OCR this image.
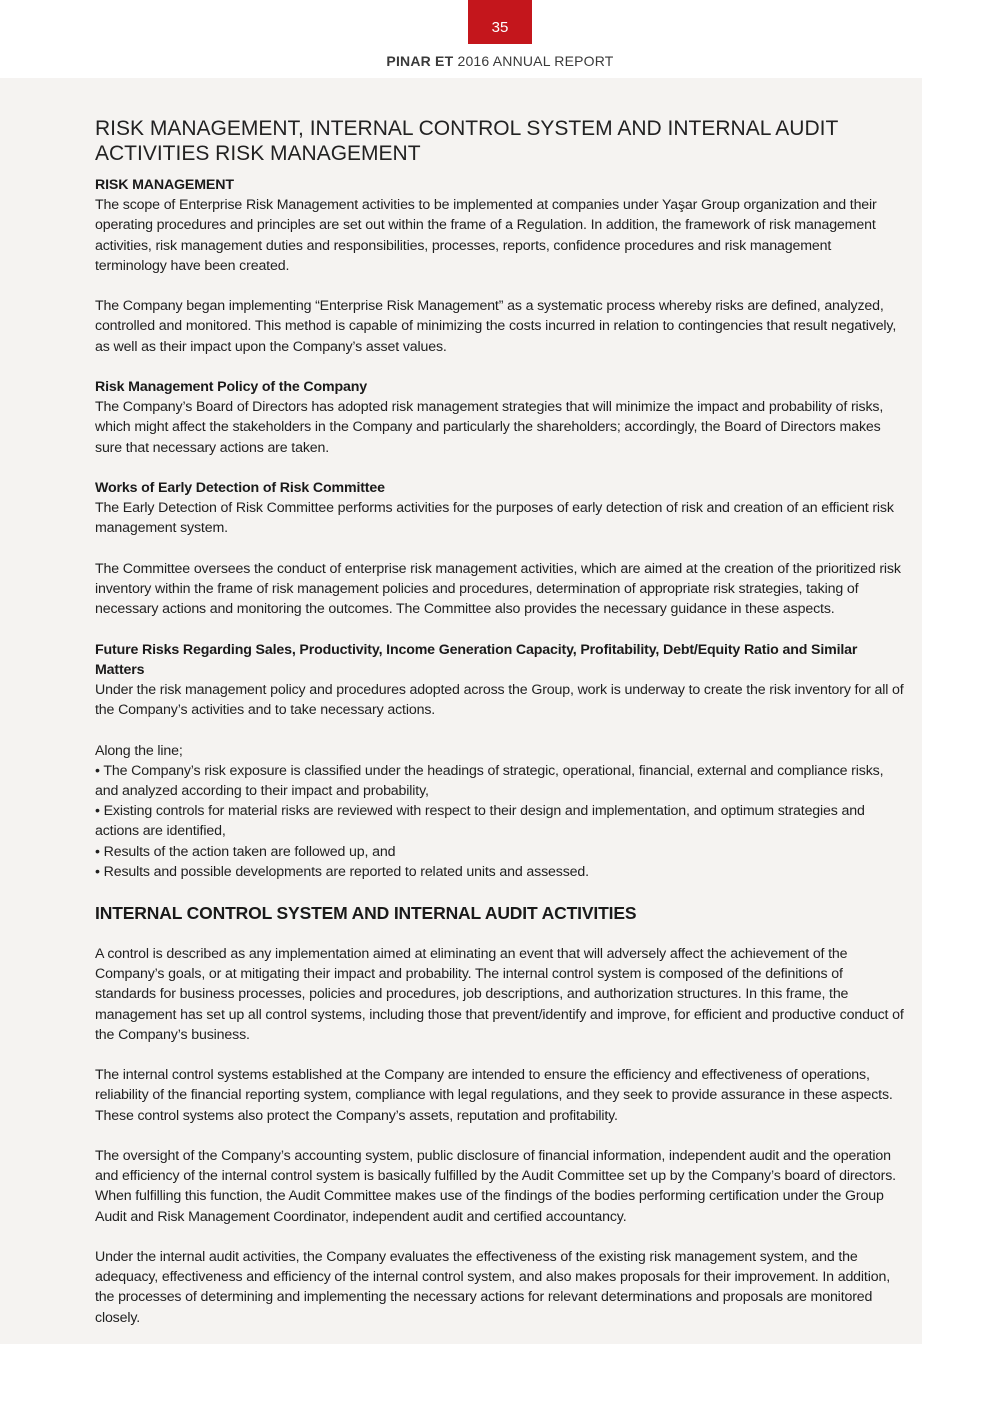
35
PINAR ET 2016 ANNUAL REPORT
RISK MANAGEMENT, INTERNAL CONTROL SYSTEM AND INTERNAL AUDIT ACTIVITIES RISK MANAGEMENT

RISK MANAGEMENT

The scope of Enterprise Risk Management activities to be implemented at companies under Yaşar Group organization and their operating procedures and principles are set out within the frame of a Regulation. In addition, the framework of risk management activities, risk management duties and responsibilities, processes, reports, confidence procedures and risk management terminology have been created.

The Company began implementing “Enterprise Risk Management” as a systematic process whereby risks are defined, analyzed, controlled and monitored. This method is capable of minimizing the costs incurred in relation to contingencies that result negatively, as well as their impact upon the Company’s asset values.

Risk Management Policy of the Company

The Company’s Board of Directors has adopted risk management strategies that will minimize the impact and probability of risks, which might affect the stakeholders in the Company and particularly the shareholders; accordingly, the Board of Directors makes sure that necessary actions are taken.

Works of Early Detection of Risk Committee

The Early Detection of Risk Committee performs activities for the purposes of early detection of risk and creation of an efficient risk management system.

The Committee oversees the conduct of enterprise risk management activities, which are aimed at the creation of the prioritized risk inventory within the frame of risk management policies and procedures, determination of appropriate risk strategies, taking of necessary actions and monitoring the outcomes. The Committee also provides the necessary guidance in these aspects.

Future Risks Regarding Sales, Productivity, Income Generation Capacity, Profitability, Debt/Equity Ratio and Similar Matters

Under the risk management policy and procedures adopted across the Group, work is underway to create the risk inventory for all of the Company’s activities and to take necessary actions.

Along the line;

• The Company’s risk exposure is classified under the headings of strategic, operational, financial, external and compliance risks, and analyzed according to their impact and probability,

• Existing controls for material risks are reviewed with respect to their design and implementation, and optimum strategies and actions are identified,

• Results of the action taken are followed up, and

• Results and possible developments are reported to related units and assessed.

INTERNAL CONTROL SYSTEM AND INTERNAL AUDIT ACTIVITIES

A control is described as any implementation aimed at eliminating an event that will adversely affect the achievement of the Company’s goals, or at mitigating their impact and probability. The internal control system is composed of the definitions of standards for business processes, policies and procedures, job descriptions, and authorization structures. In this frame, the management has set up all control systems, including those that prevent/identify and improve, for efficient and productive conduct of the Company’s business.

The internal control systems established at the Company are intended to ensure the efficiency and effectiveness of operations, reliability of the financial reporting system, compliance with legal regulations, and they seek to provide assurance in these aspects. These control systems also protect the Company’s assets, reputation and profitability.

The oversight of the Company’s accounting system, public disclosure of financial information, independent audit and the operation and efficiency of the internal control system is basically fulfilled by the Audit Committee set up by the Company’s board of directors. When fulfilling this function, the Audit Committee makes use of the findings of the bodies performing certification under the Group Audit and Risk Management Coordinator, independent audit and certified accountancy.

Under the internal audit activities, the Company evaluates the effectiveness of the existing risk management system, and the adequacy, effectiveness and efficiency of the internal control system, and also makes proposals for their improvement. In addition, the processes of determining and implementing the necessary actions for relevant determinations and proposals are monitored closely.
